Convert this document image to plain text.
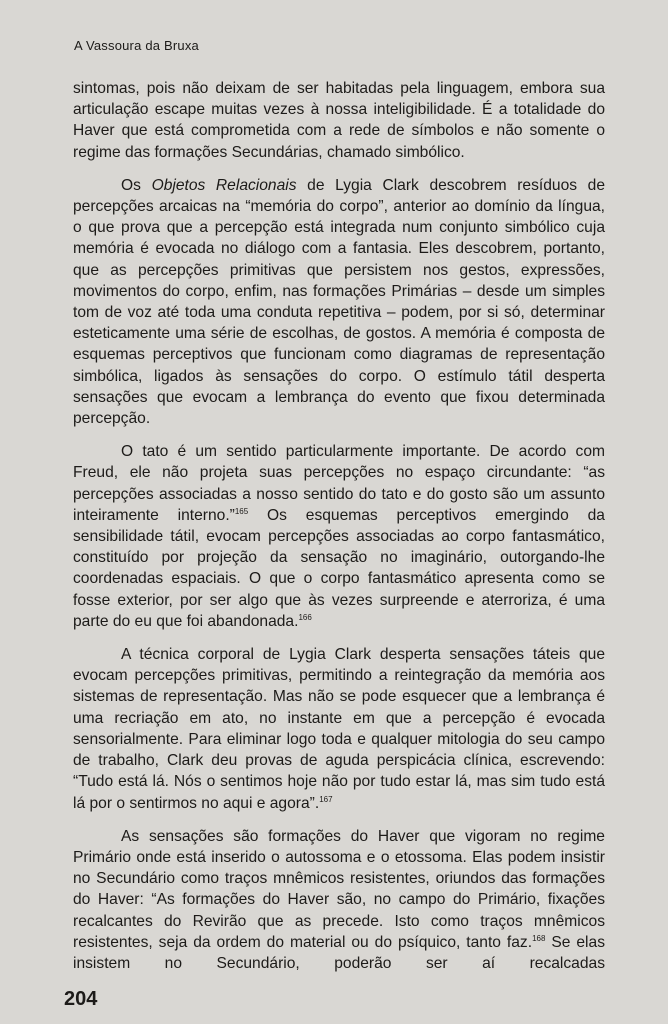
A Vassoura da Bruxa

sintomas, pois não deixam de ser habitadas pela linguagem, embora sua articulação escape muitas vezes à nossa inteligibilidade. É a totalidade do Haver que está comprometida com a rede de símbolos e não somente o regime das formações Secundárias, chamado simbólico.

Os Objetos Relacionais de Lygia Clark descobrem resíduos de percepções arcaicas na “memória do corpo”, anterior ao domínio da língua, o que prova que a percepção está integrada num conjunto simbólico cuja memória é evocada no diálogo com a fantasia. Eles descobrem, portanto, que as percepções primitivas que persistem nos gestos, expressões, movimentos do corpo, enfim, nas formações Primárias – desde um simples tom de voz até toda uma conduta repetitiva – podem, por si só, determinar esteticamente uma série de escolhas, de gostos. A memória é composta de esquemas perceptivos que funcionam como diagramas de representação simbólica, ligados às sensações do corpo. O estímulo tátil desperta sensações que evocam a lembrança do evento que fixou determinada percepção.

O tato é um sentido particularmente importante. De acordo com Freud, ele não projeta suas percepções no espaço circundante: “as percepções associadas a nosso sentido do tato e do gosto são um assunto inteiramente interno.”$^{165}$ Os esquemas perceptivos emergindo da sensibilidade tátil, evocam percepções associadas ao corpo fantasmático, constituído por projeção da sensação no imaginário, outorgando-lhe coordenadas espaciais. O que o corpo fantasmático apresenta como se fosse exterior, por ser algo que às vezes surpreende e aterroriza, é uma parte do eu que foi abandonada.$^{166}$

A técnica corporal de Lygia Clark desperta sensações táteis que evocam percepções primitivas, permitindo a reintegração da memória aos sistemas de representação. Mas não se pode esquecer que a lembrança é uma recriação em ato, no instante em que a percepção é evocada sensorialmente. Para eliminar logo toda e qualquer mitologia do seu campo de trabalho, Clark deu provas de aguda perspicácia clínica, escrevendo: “Tudo está lá. Nós o sentimos hoje não por tudo estar lá, mas sim tudo está lá por o sentirmos no aqui e agora”.$^{167}$

As sensações são formações do Haver que vigoram no regime Primário onde está inserido o autossoma e o etossoma. Elas podem insistir no Secundário como traços mnêmicos resistentes, oriundos das formações do Haver: “As formações do Haver são, no campo do Primário, fixações recalcantes do Revirão que as precede. Isto como traços mnêmicos resistentes, seja da ordem do material ou do psíquico, tanto faz.$^{168}$ Se elas insistem no Secundário, poderão ser aí recalcadas

204
